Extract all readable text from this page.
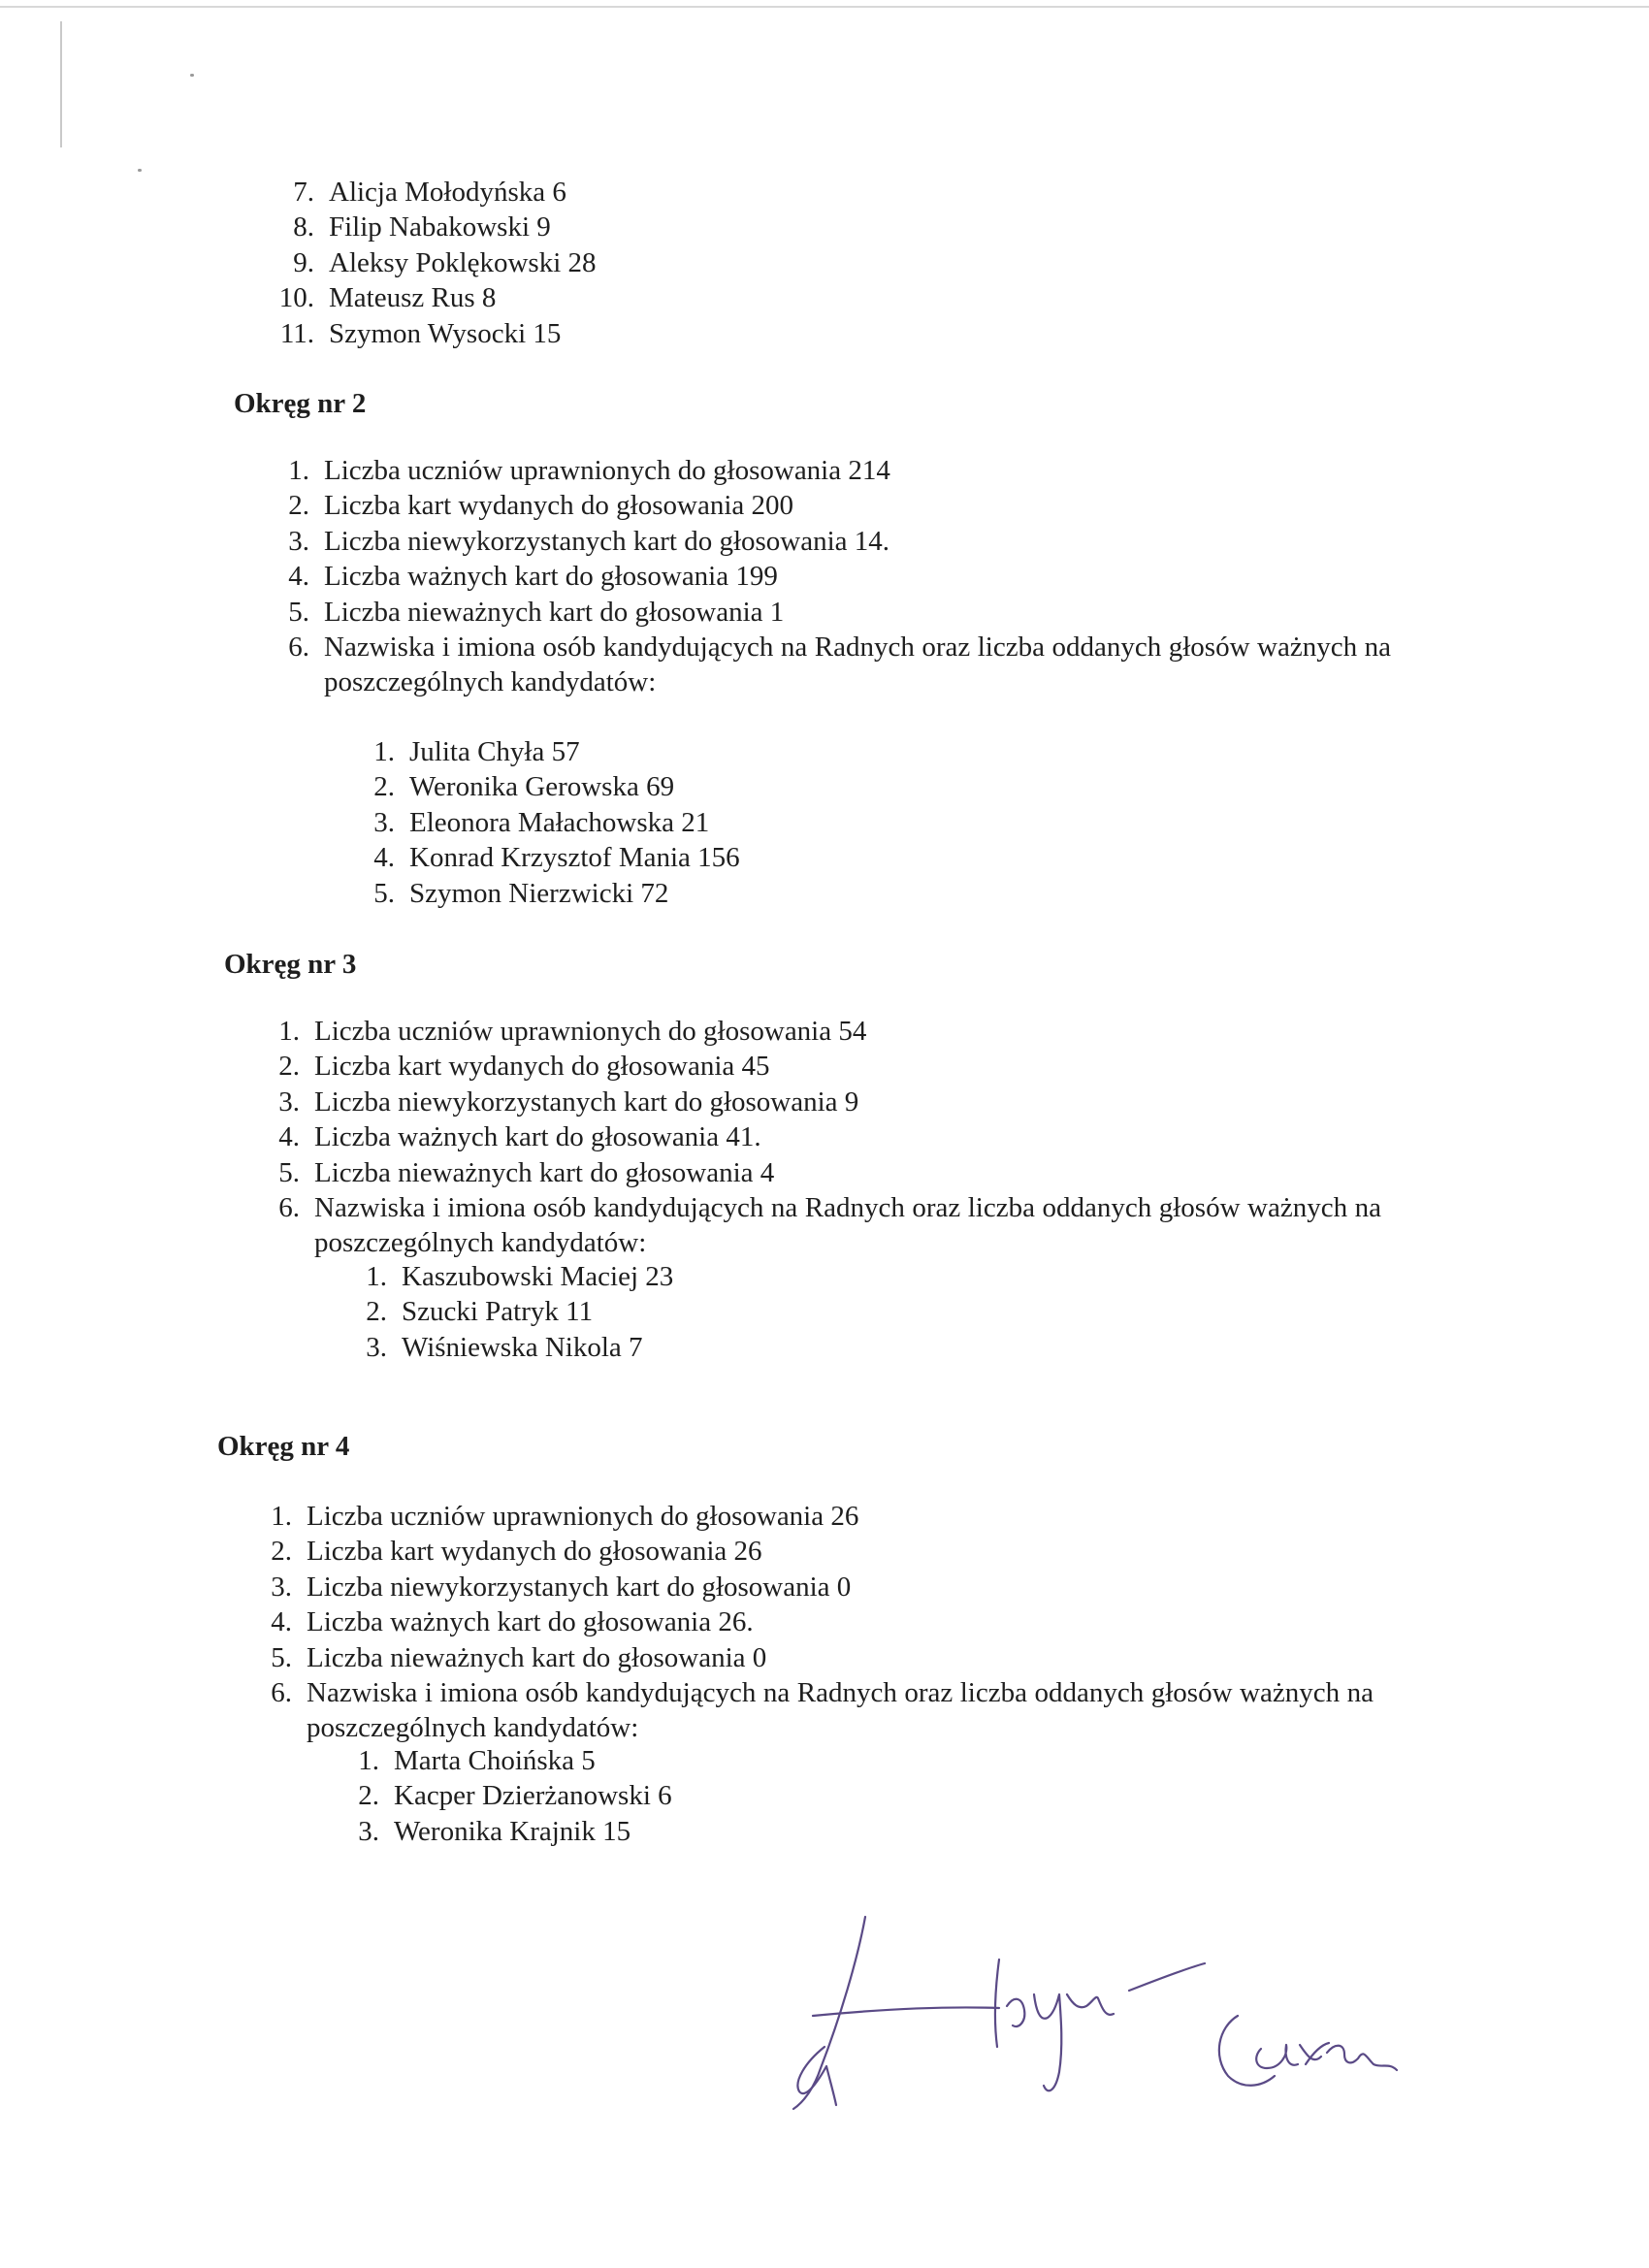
7. Alicja Mołodyńska 6
8. Filip Nabakowski 9
9. Aleksy Poklękowski 28
10. Mateusz Rus 8
11. Szymon Wysocki 15
Okręg nr 2
1. Liczba uczniów uprawnionych do głosowania 214
2. Liczba kart wydanych do głosowania 200
3. Liczba niewykorzystanych kart do głosowania 14.
4. Liczba ważnych kart do głosowania 199
5. Liczba nieważnych kart do głosowania 1
6. Nazwiska i imiona osób kandydujących na Radnych oraz liczba oddanych głosów ważnych na poszczególnych kandydatów:
1. Julita Chyła 57
2. Weronika Gerowska 69
3. Eleonora Małachowska 21
4. Konrad Krzysztof Mania 156
5. Szymon Nierzwicki 72
Okręg nr 3
1. Liczba uczniów uprawnionych do głosowania 54
2. Liczba kart wydanych do głosowania 45
3. Liczba niewykorzystanych kart do głosowania 9
4. Liczba ważnych kart do głosowania 41.
5. Liczba nieważnych kart do głosowania 4
6. Nazwiska i imiona osób kandydujących na Radnych oraz liczba oddanych głosów ważnych na poszczególnych kandydatów:
1. Kaszubowski Maciej 23
2. Szucki Patryk 11
3. Wiśniewska Nikola 7
Okręg nr 4
1. Liczba uczniów uprawnionych do głosowania 26
2. Liczba kart wydanych do głosowania 26
3. Liczba niewykorzystanych kart do głosowania 0
4. Liczba ważnych kart do głosowania 26.
5. Liczba nieważnych kart do głosowania 0
6. Nazwiska i imiona osób kandydujących na Radnych oraz liczba oddanych głosów ważnych na poszczególnych kandydatów:
1. Marta Choińska 5
2. Kacper Dzierżanowski 6
3. Weronika Krajnik 15
